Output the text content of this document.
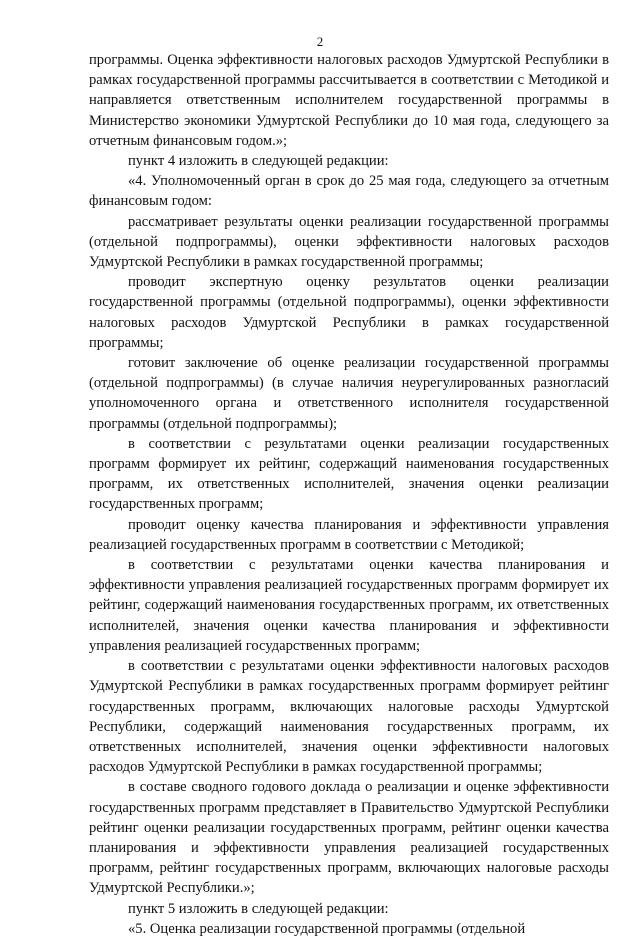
2

программы. Оценка эффективности налоговых расходов Удмуртской Республики в рамках государственной программы рассчитывается в соответствии с Методикой и направляется ответственным исполнителем государственной программы в Министерство экономики Удмуртской Республики до 10 мая года, следующего за отчетным финансовым годом.»;

пункт 4 изложить в следующей редакции:

«4. Уполномоченный орган в срок до 25 мая года, следующего за отчетным финансовым годом:

рассматривает результаты оценки реализации государственной программы (отдельной подпрограммы), оценки эффективности налоговых расходов Удмуртской Республики в рамках государственной программы;

проводит экспертную оценку результатов оценки реализации государственной программы (отдельной подпрограммы), оценки эффективности налоговых расходов Удмуртской Республики в рамках государственной программы;

готовит заключение об оценке реализации государственной программы (отдельной подпрограммы) (в случае наличия неурегулированных разногласий уполномоченного органа и ответственного исполнителя государственной программы (отдельной подпрограммы);

в соответствии с результатами оценки реализации государственных программ формирует их рейтинг, содержащий наименования государственных программ, их ответственных исполнителей, значения оценки реализации государственных программ;

проводит оценку качества планирования и эффективности управления реализацией государственных программ в соответствии с Методикой;

в соответствии с результатами оценки качества планирования и эффективности управления реализацией государственных программ формирует их рейтинг, содержащий наименования государственных программ, их ответственных исполнителей, значения оценки качества планирования и эффективности управления реализацией государственных программ;

в соответствии с результатами оценки эффективности налоговых расходов Удмуртской Республики в рамках государственных программ формирует рейтинг государственных программ, включающих налоговые расходы Удмуртской Республики, содержащий наименования государственных программ, их ответственных исполнителей, значения оценки эффективности налоговых расходов Удмуртской Республики в рамках государственной программы;

в составе сводного годового доклада о реализации и оценке эффективности государственных программ представляет в Правительство Удмуртской Республики рейтинг оценки реализации государственных программ, рейтинг оценки качества планирования и эффективности управления реализацией государственных программ, рейтинг государственных программ, включающих налоговые расходы Удмуртской Республики.»;

пункт 5 изложить в следующей редакции:

«5. Оценка реализации государственной программы (отдельной
